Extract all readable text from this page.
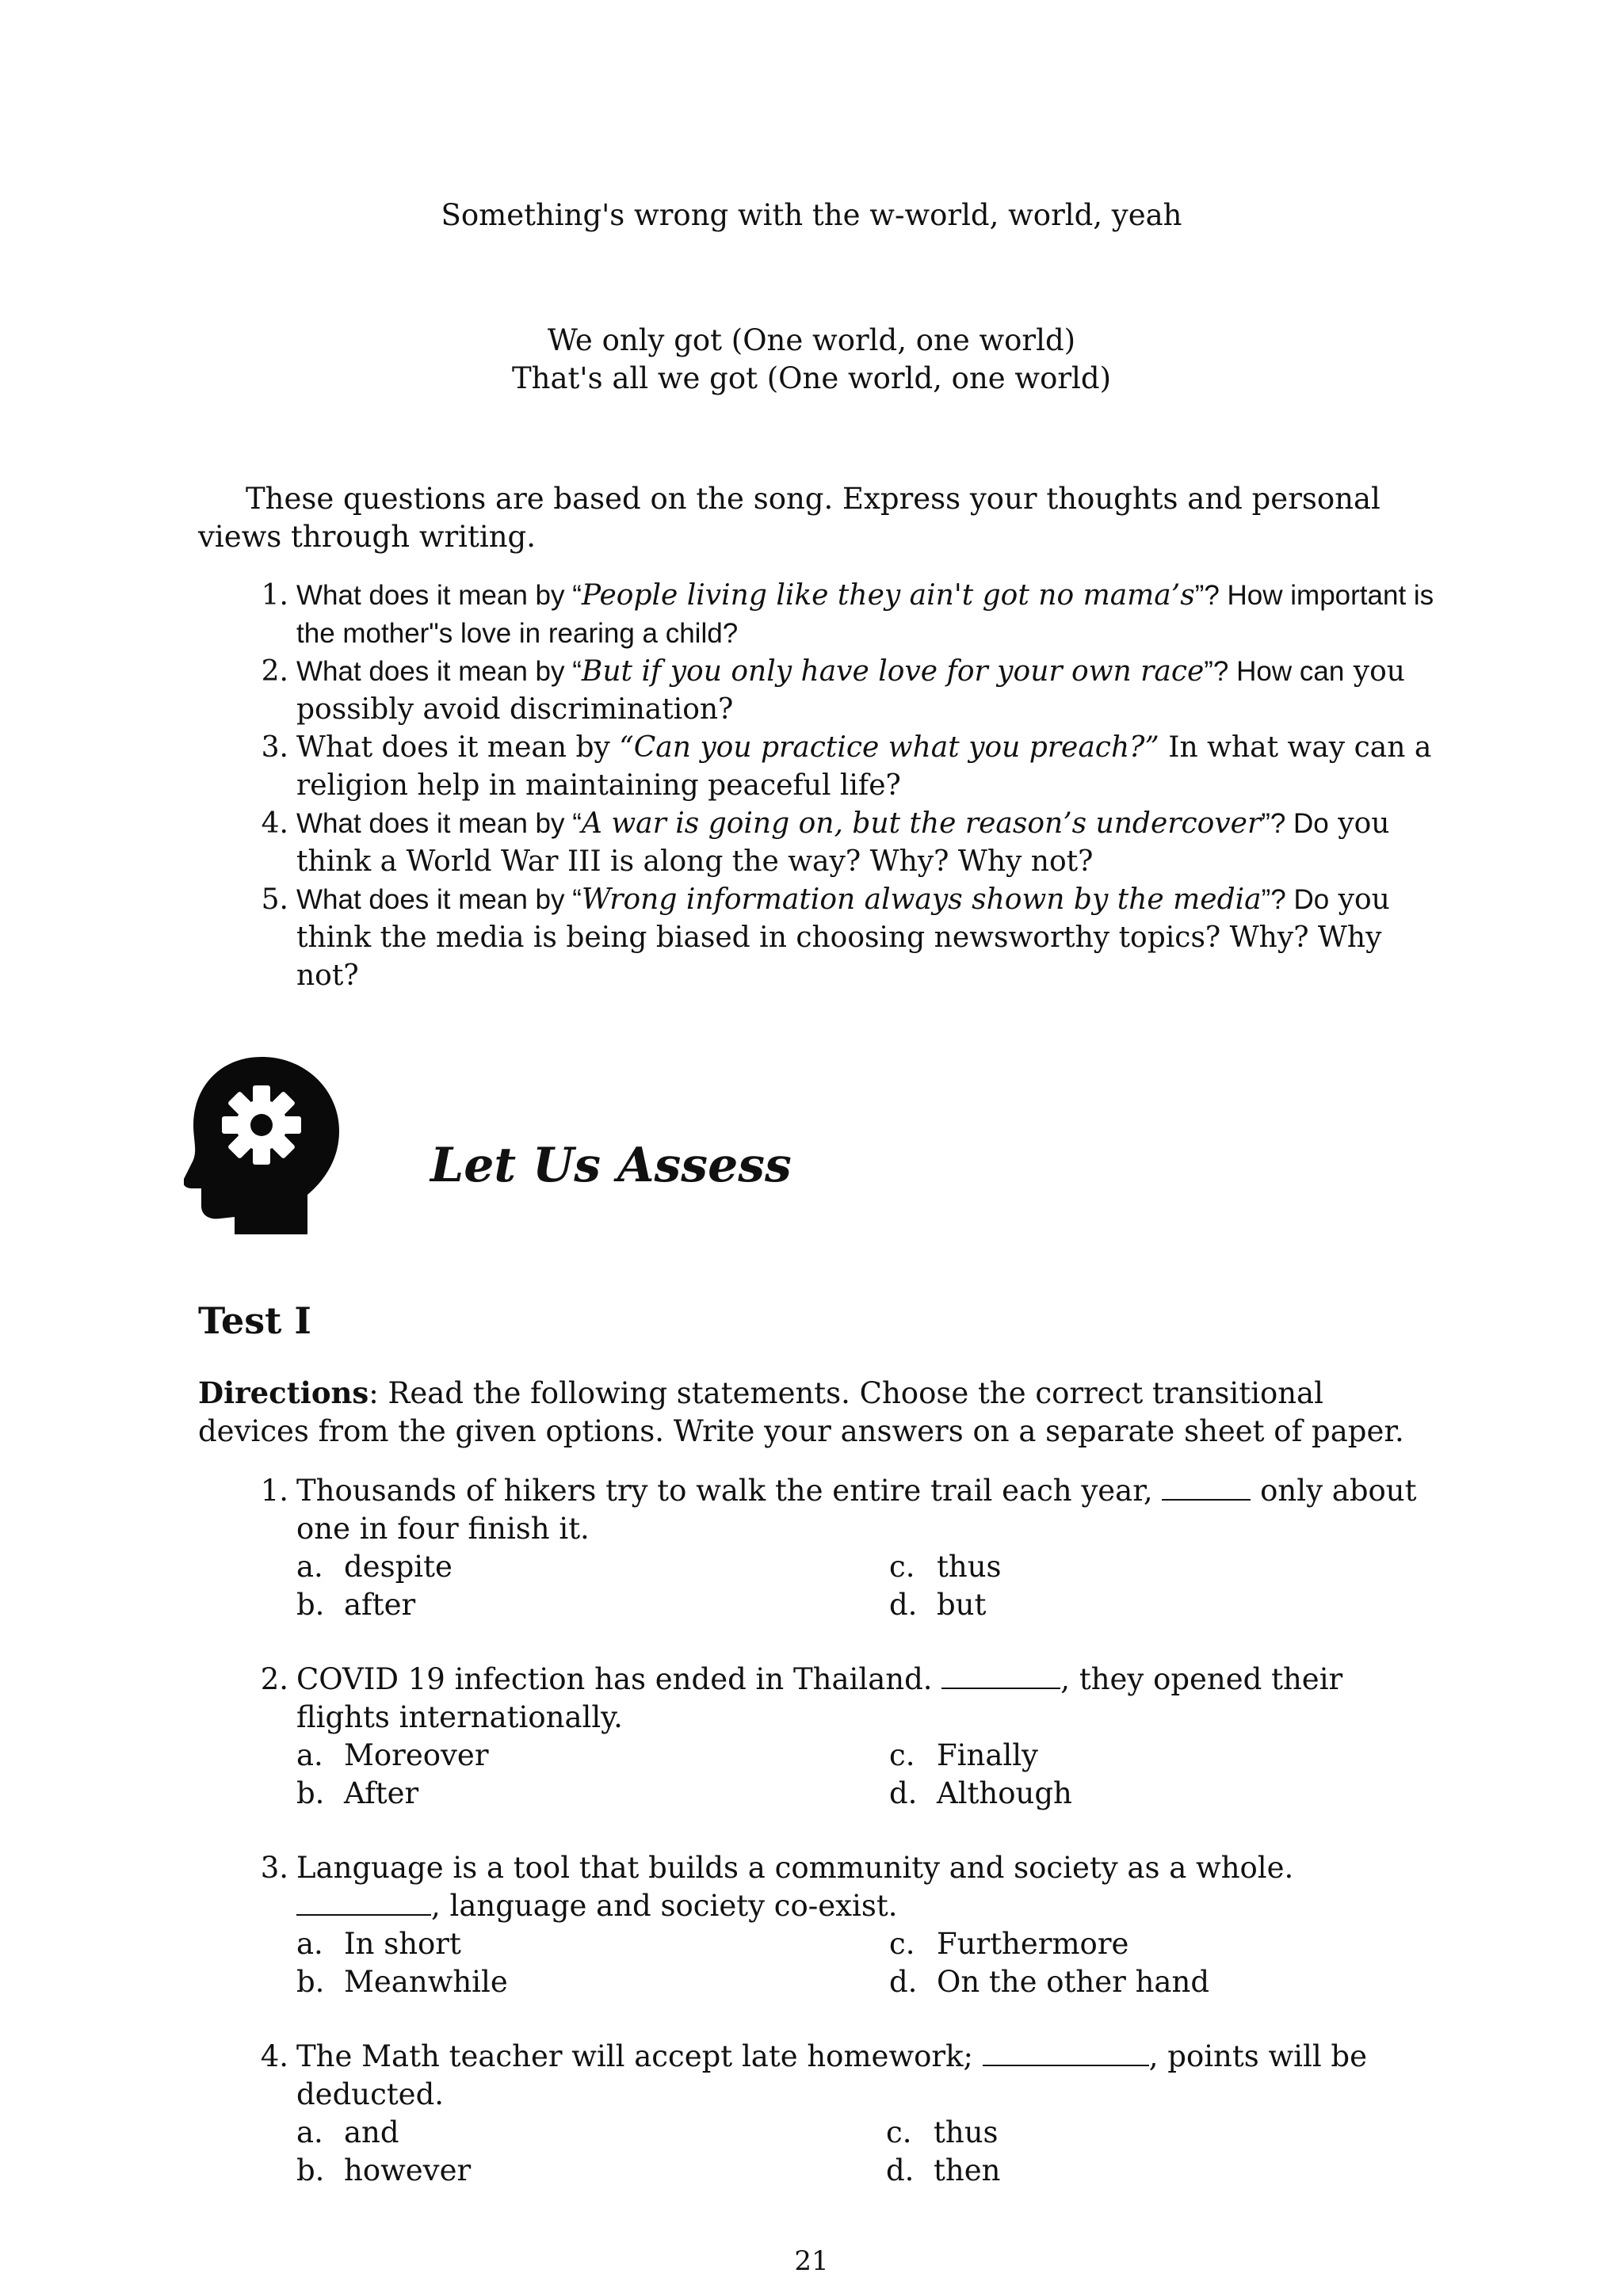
Something's wrong with the w-world, world, yeah
We only got (One world, one world)
That's all we got (One world, one world)
These questions are based on the song. Express your thoughts and personal views through writing.
1. What does it mean by “People living like they ain't got no mama’s”? How important is the mother"s love in rearing a child?
2. What does it mean by “But if you only have love for your own race”? How can you possibly avoid discrimination?
3. What does it mean by “Can you practice what you preach?” In what way can a religion help in maintaining peaceful life?
4. What does it mean by “A war is going on, but the reason’s undercover”? Do you think a World War III is along the way? Why? Why not?
5. What does it mean by “Wrong information always shown by the media”? Do you think the media is being biased in choosing newsworthy topics? Why? Why not?
Let Us Assess
Test I
Directions: Read the following statements. Choose the correct transitional devices from the given options. Write your answers on a separate sheet of paper.
1. Thousands of hikers try to walk the entire trail each year,	only about one in four finish it.
a. despite
b. after
c. thus
d. but
2. COVID 19 infection has ended in Thailand.	, they opened their flights internationally.
a. Moreover
b. After
c. Finally
d. Although
3. Language is a tool that builds a community and society as a whole. , language and society co-exist.
a. In short
b. Meanwhile
c. Furthermore
d. On the other hand
4. The Math teacher will accept late homework;	, points will be deducted.
a. and
b. however
c. thus
d. then
21
